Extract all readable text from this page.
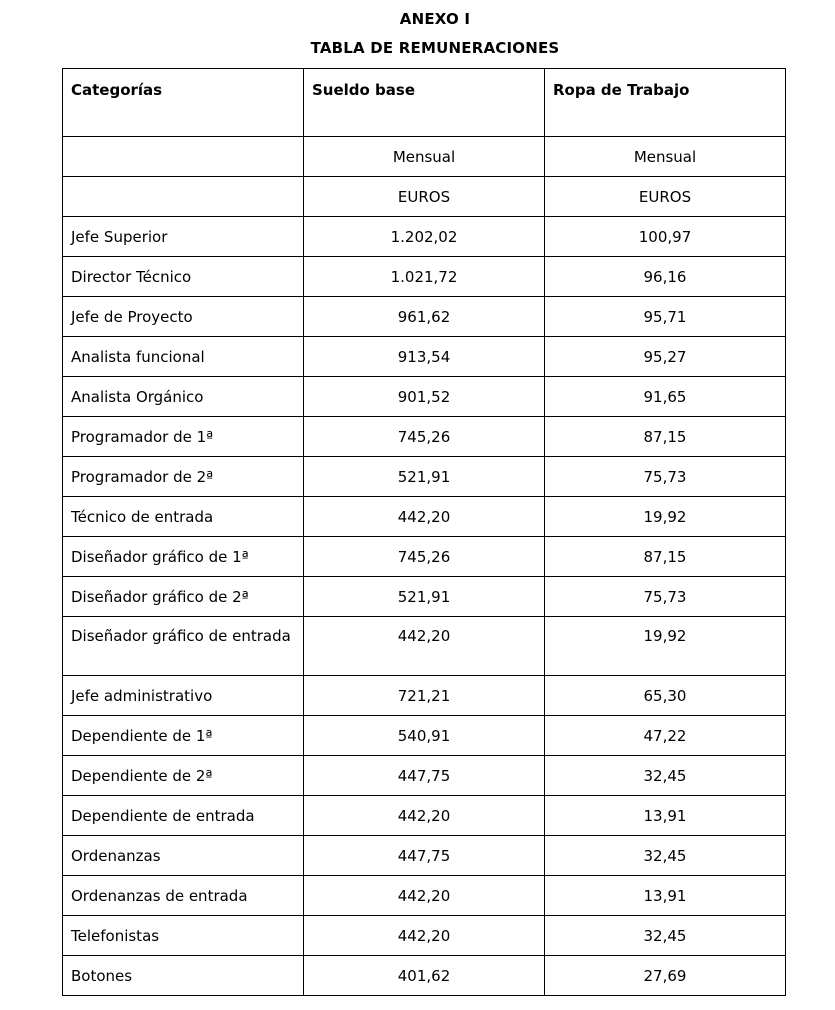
ANEXO I
TABLA DE REMUNERACIONES
Categorías	Sueldo base	Ropa de Trabajo
	Mensual	Mensual
	EUROS	EUROS
Jefe Superior	1.202,02	100,97
Director Técnico	1.021,72	96,16
Jefe de Proyecto	961,62	95,71
Analista funcional	913,54	95,27
Analista Orgánico	901,52	91,65
Programador de 1ª	745,26	87,15
Programador de 2ª	521,91	75,73
Técnico de entrada	442,20	19,92
Diseñador gráfico de 1ª	745,26	87,15
Diseñador gráfico de 2ª	521,91	75,73
Diseñador gráfico de entrada	442,20	19,92
Jefe administrativo	721,21	65,30
Dependiente de 1ª	540,91	47,22
Dependiente de 2ª	447,75	32,45
Dependiente de entrada	442,20	13,91
Ordenanzas	447,75	32,45
Ordenanzas de entrada	442,20	13,91
Telefonistas	442,20	32,45
Botones	401,62	27,69
